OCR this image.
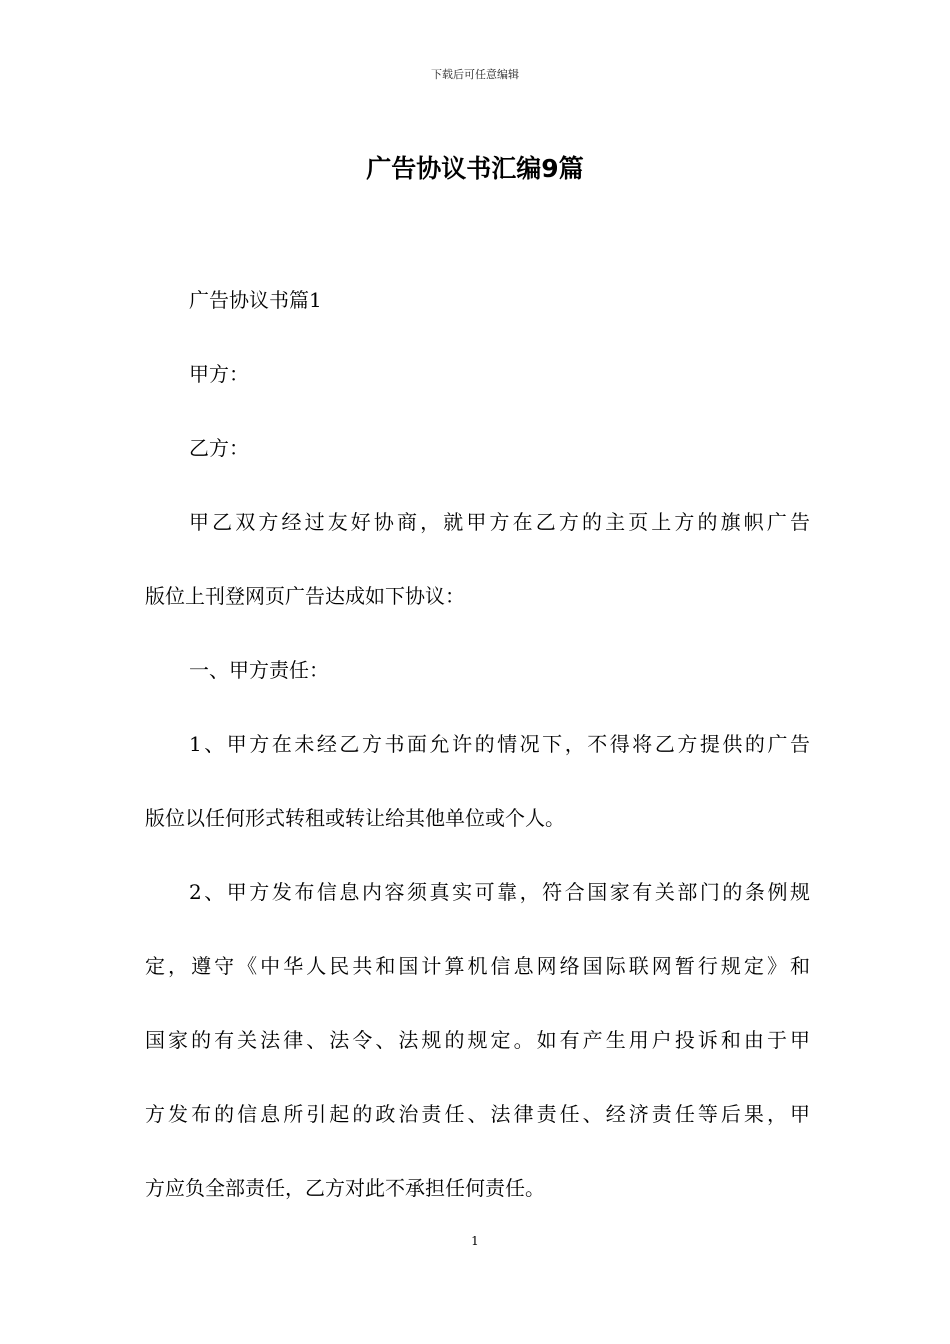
下载后可任意编辑
广告协议书汇编9篇

广告协议书篇1

甲方：

乙方：

甲乙双方经过友好协商，就甲方在乙方的主页上方的旗帜广告

版位上刊登网页广告达成如下协议：

一、甲方责任：

1、甲方在未经乙方书面允许的情况下，不得将乙方提供的广告

版位以任何形式转租或转让给其他单位或个人。

2、甲方发布信息内容须真实可靠，符合国家有关部门的条例规

定，遵守《中华人民共和国计算机信息网络国际联网暂行规定》和

国家的有关法律、法令、法规的规定。如有产生用户投诉和由于甲

方发布的信息所引起的政治责任、法律责任、经济责任等后果，甲

方应负全部责任，乙方对此不承担任何责任。

1
